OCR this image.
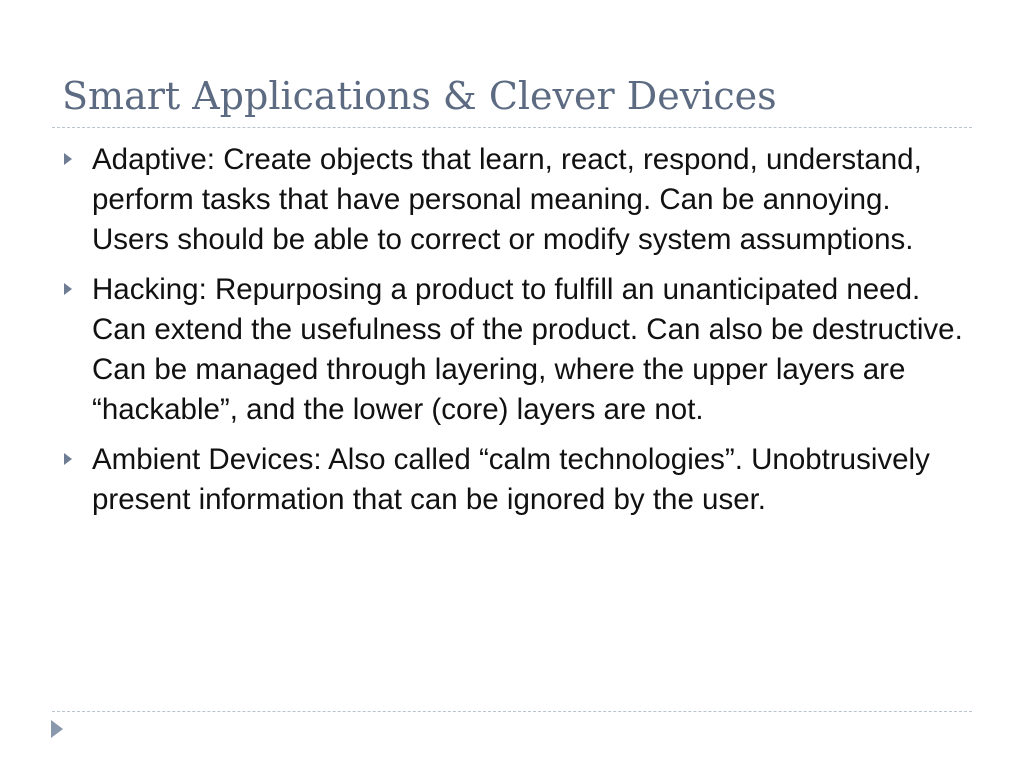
Smart Applications & Clever Devices
Adaptive: Create objects that learn, react, respond, understand, perform tasks that have personal meaning. Can be annoying. Users should be able to correct or modify system assumptions.
Hacking: Repurposing a product to fulfill an unanticipated need. Can extend the usefulness of the product. Can also be destructive. Can be managed through layering, where the upper layers are “hackable”, and the lower (core) layers are not.
Ambient Devices: Also called “calm technologies”. Unobtrusively present information that can be ignored by the user.
